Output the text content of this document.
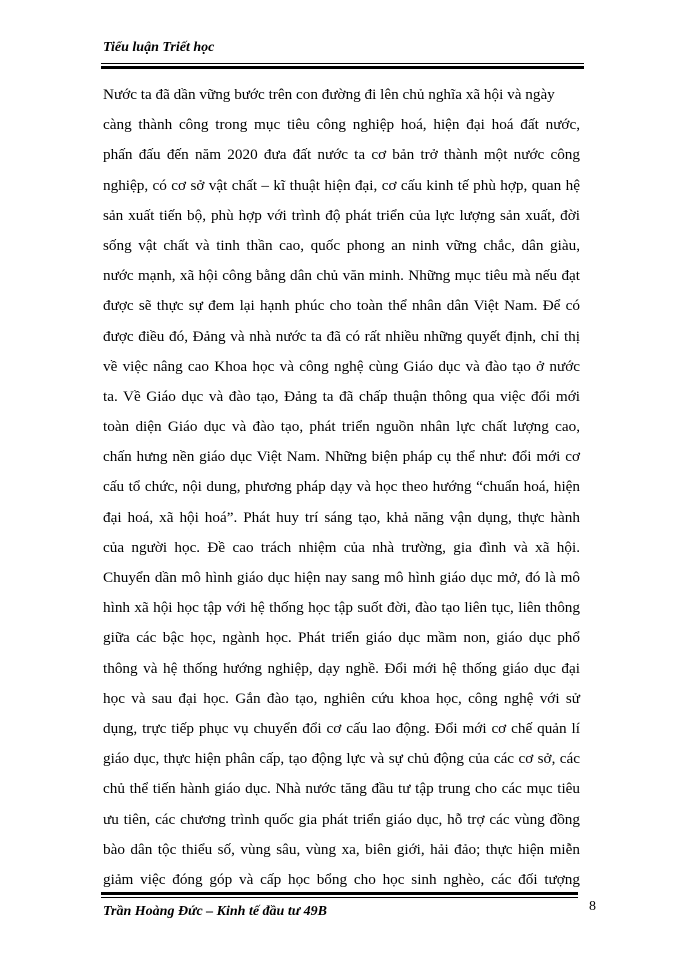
Tiểu luận Triết học
Nước ta đã dần vững bước trên con đường đi lên chủ nghĩa xã hội và ngày
càng thành công trong mục tiêu công nghiệp hoá, hiện đại hoá đất nước,
phấn đấu đến năm 2020 đưa đất nước ta cơ bản trở thành một nước công
nghiệp, có cơ sở vật chất – kĩ thuật hiện đại, cơ cấu kinh tế phù hợp, quan hệ
sản xuất tiến bộ, phù hợp với trình độ phát triển của lực lượng sản xuất, đời
sống vật chất và tinh thần cao, quốc phong an ninh vững chắc, dân giàu,
nước mạnh, xã hội công bằng dân chủ văn minh. Những mục tiêu mà nếu đạt
được sẽ thực sự đem lại hạnh phúc cho toàn thể nhân dân Việt Nam. Để có
được điều đó, Đảng và nhà nước ta đã có rất nhiều những quyết định, chỉ thị
về việc nâng cao Khoa học và công nghệ cùng Giáo dục và đào tạo ở nước
ta. Về Giáo dục và đào tạo, Đảng ta đã chấp thuận thông qua việc đổi mới
toàn diện Giáo dục và đào tạo, phát triển nguồn nhân lực chất lượng cao,
chấn hưng nền giáo dục Việt Nam. Những biện pháp cụ thể như: đổi mới cơ
cấu tổ chức, nội dung, phương pháp dạy và học theo hướng “chuẩn hoá, hiện
đại hoá, xã hội hoá”. Phát huy trí sáng tạo, khả năng vận dụng, thực hành
của người học. Đề cao trách nhiệm của nhà trường, gia đình và xã hội.
Chuyển dần mô hình giáo dục hiện nay sang mô hình giáo dục mở, đó là mô
hình xã hội học tập với hệ thống học tập suốt đời, đào tạo liên tục, liên thông
giữa các bậc học, ngành học. Phát triển giáo dục mầm non, giáo dục phổ
thông và hệ thống hướng nghiệp, dạy nghề. Đổi mới hệ thống giáo dục đại
học và sau đại học. Gắn đào tạo, nghiên cứu khoa học, công nghệ với sử
dụng, trực tiếp phục vụ chuyển đổi cơ cấu lao động. Đổi mới cơ chế quản lí
giáo dục, thực hiện phân cấp, tạo động lực và sự chủ động của các cơ sở, các
chủ thể tiến hành giáo dục. Nhà nước tăng đầu tư tập trung cho các mục tiêu
ưu tiên, các chương trình quốc gia phát triển giáo dục, hỗ trợ các vùng đồng
bào dân tộc thiểu số, vùng sâu, vùng xa, biên giới, hải đảo; thực hiện miễn
giảm việc đóng góp và cấp học bổng cho học sinh nghèo, các đối tượng
Trần Hoàng Đức – Kinh tế đầu tư 49B	8
